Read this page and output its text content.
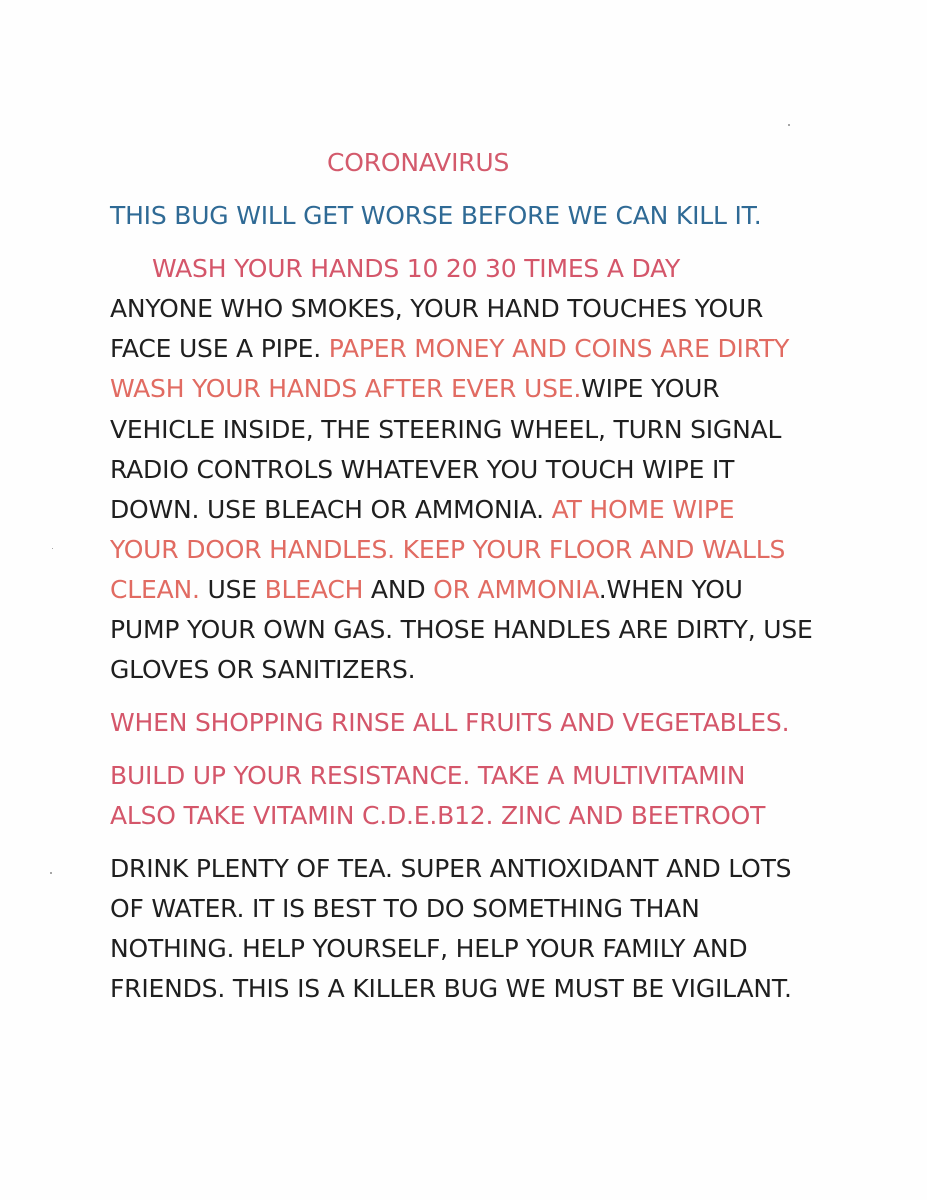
CORONAVIRUS

THIS BUG WILL GET WORSE BEFORE WE CAN KILL IT.

WASH YOUR HANDS 10 20 30 TIMES A DAY

ANYONE WHO SMOKES, YOUR HAND TOUCHES YOUR

FACE USE A PIPE. PAPER MONEY AND COINS ARE DIRTY

WASH YOUR HANDS AFTER EVER USE.WIPE YOUR

VEHICLE INSIDE, THE STEERING WHEEL, TURN SIGNAL

RADIO CONTROLS WHATEVER YOU TOUCH WIPE IT

DOWN. USE BLEACH OR AMMONIA. AT HOME WIPE

YOUR DOOR HANDLES. KEEP YOUR FLOOR AND WALLS

CLEAN. USE BLEACH AND OR AMMONIA.WHEN YOU

PUMP YOUR OWN GAS. THOSE HANDLES ARE DIRTY, USE

GLOVES OR SANITIZERS.

WHEN SHOPPING RINSE ALL FRUITS AND VEGETABLES.

BUILD UP YOUR RESISTANCE. TAKE A MULTIVITAMIN

ALSO TAKE VITAMIN C.D.E.B12. ZINC AND BEETROOT

DRINK PLENTY OF TEA. SUPER ANTIOXIDANT AND LOTS

OF WATER. IT IS BEST TO DO SOMETHING THAN

NOTHING. HELP YOURSELF, HELP YOUR FAMILY AND

FRIENDS. THIS IS A KILLER BUG WE MUST BE VIGILANT.
